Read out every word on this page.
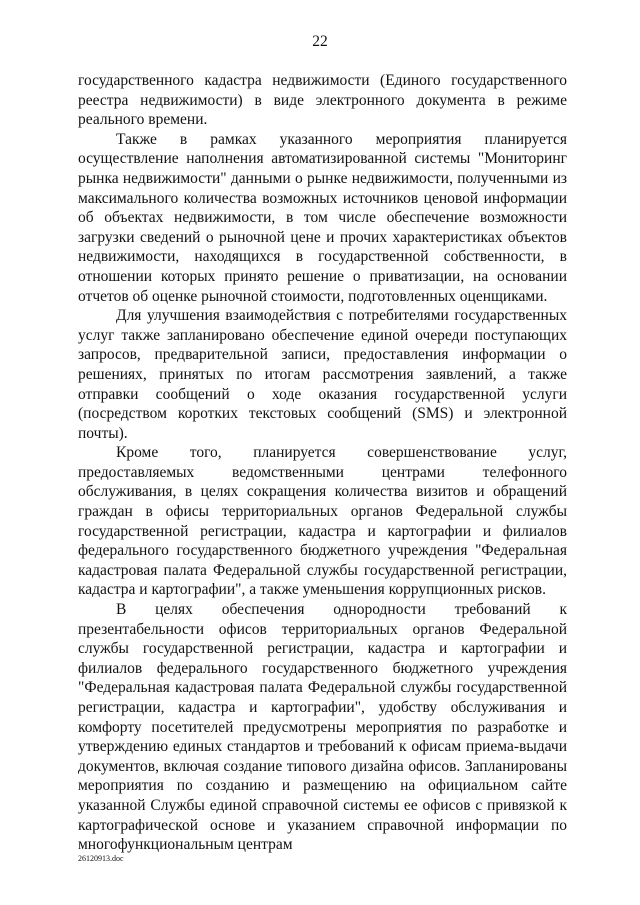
22

государственного кадастра недвижимости (Единого государственного реестра недвижимости) в виде электронного документа в режиме реального времени.

Также в рамках указанного мероприятия планируется осуществление наполнения автоматизированной системы "Мониторинг рынка недвижимости" данными о рынке недвижимости, полученными из максимального количества возможных источников ценовой информации об объектах недвижимости, в том числе обеспечение возможности загрузки сведений о рыночной цене и прочих характеристиках объектов недвижимости, находящихся в государственной собственности, в отношении которых принято решение о приватизации, на основании отчетов об оценке рыночной стоимости, подготовленных оценщиками.

Для улучшения взаимодействия с потребителями государственных услуг также запланировано обеспечение единой очереди поступающих запросов, предварительной записи, предоставления информации о решениях, принятых по итогам рассмотрения заявлений, а также отправки сообщений о ходе оказания государственной услуги (посредством коротких текстовых сообщений (SMS) и электронной почты).

Кроме того, планируется совершенствование услуг, предоставляемых ведомственными центрами телефонного обслуживания, в целях сокращения количества визитов и обращений граждан в офисы территориальных органов Федеральной службы государственной регистрации, кадастра и картографии и филиалов федерального государственного бюджетного учреждения "Федеральная кадастровая палата Федеральной службы государственной регистрации, кадастра и картографии", а также уменьшения коррупционных рисков.

В целях обеспечения однородности требований к презентабельности офисов территориальных органов Федеральной службы государственной регистрации, кадастра и картографии и филиалов федерального государственного бюджетного учреждения "Федеральная кадастровая палата Федеральной службы государственной регистрации, кадастра и картографии", удобству обслуживания и комфорту посетителей предусмотрены мероприятия по разработке и утверждению единых стандартов и требований к офисам приема-выдачи документов, включая создание типового дизайна офисов. Запланированы мероприятия по созданию и размещению на официальном сайте указанной Службы единой справочной системы ее офисов с привязкой к картографической основе и указанием справочной информации по многофункциональным центрам

26120913.doc
